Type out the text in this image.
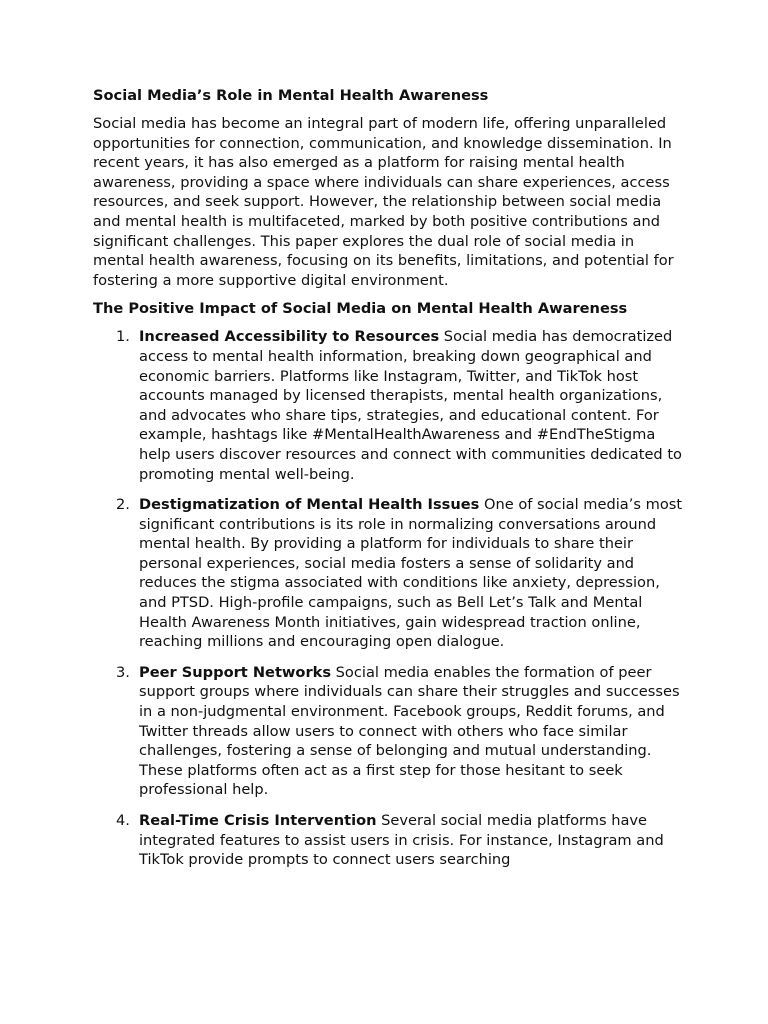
Social Media’s Role in Mental Health Awareness

Social media has become an integral part of modern life, offering unparalleled opportunities for connection, communication, and knowledge dissemination. In recent years, it has also emerged as a platform for raising mental health awareness, providing a space where individuals can share experiences, access resources, and seek support. However, the relationship between social media and mental health is multifaceted, marked by both positive contributions and significant challenges. This paper explores the dual role of social media in mental health awareness, focusing on its benefits, limitations, and potential for fostering a more supportive digital environment.

The Positive Impact of Social Media on Mental Health Awareness
1. Increased Accessibility to Resources Social media has democratized access to mental health information, breaking down geographical and economic barriers. Platforms like Instagram, Twitter, and TikTok host accounts managed by licensed therapists, mental health organizations, and advocates who share tips, strategies, and educational content. For example, hashtags like #MentalHealthAwareness and #EndTheStigma help users discover resources and connect with communities dedicated to promoting mental well-being.
2. Destigmatization of Mental Health Issues One of social media’s most significant contributions is its role in normalizing conversations around mental health. By providing a platform for individuals to share their personal experiences, social media fosters a sense of solidarity and reduces the stigma associated with conditions like anxiety, depression, and PTSD. High-profile campaigns, such as Bell Let’s Talk and Mental Health Awareness Month initiatives, gain widespread traction online, reaching millions and encouraging open dialogue.
3. Peer Support Networks Social media enables the formation of peer support groups where individuals can share their struggles and successes in a non-judgmental environment. Facebook groups, Reddit forums, and Twitter threads allow users to connect with others who face similar challenges, fostering a sense of belonging and mutual understanding. These platforms often act as a first step for those hesitant to seek professional help.
4. Real-Time Crisis Intervention Several social media platforms have integrated features to assist users in crisis. For instance, Instagram and TikTok provide prompts to connect users searching
